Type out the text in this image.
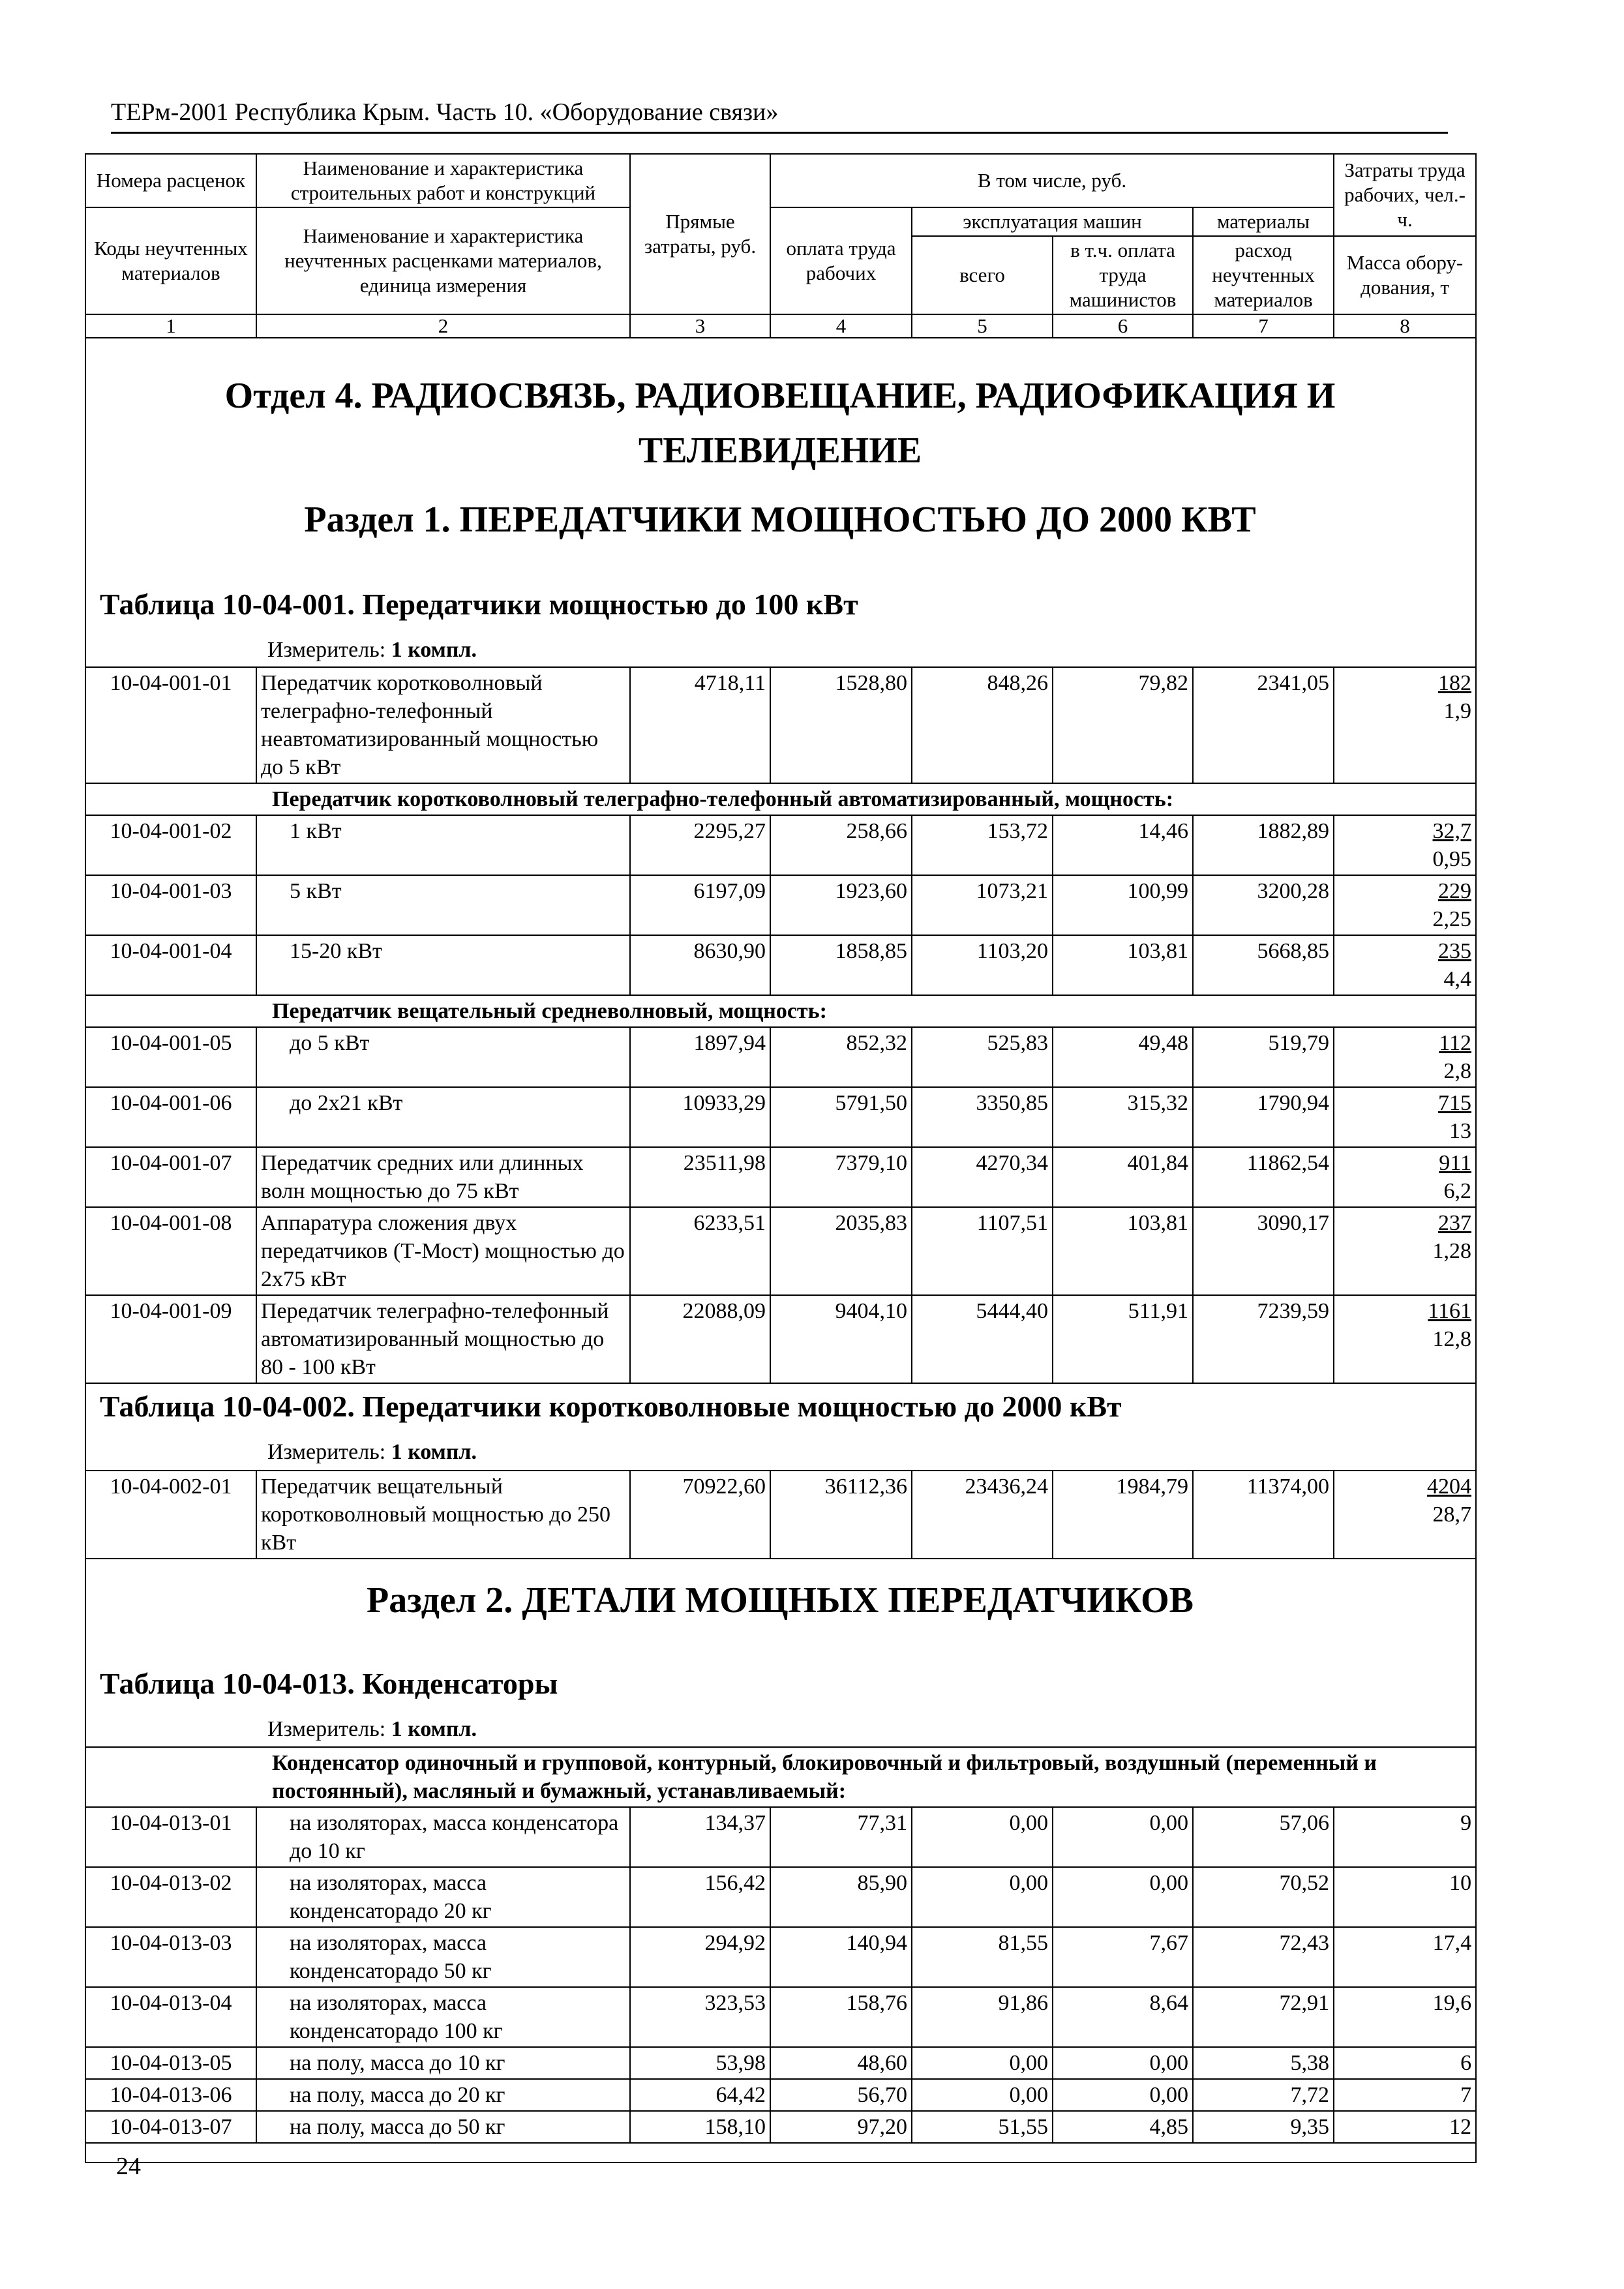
ТЕРм-2001 Республика Крым. Часть 10. «Оборудование связи»
Номера расценок	Наименование и характеристика строительных работ и конструкций	Прямые затраты, руб.	В том числе, руб.				Затраты труда рабочих, чел.-ч.
Коды неучтенных материалов	Наименование и характеристика неучтенных расценками материалов, единица измерения		оплата труда рабочих	эксплуатация машин		материалы	
				всего	в т.ч. оплата труда машинистов	расход неучтенных материалов	Масса обору-дования, т
1	2	3	4	5	6	7	8
Отдел 4. РАДИОСВЯЗЬ, РАДИОВЕЩАНИЕ, РАДИОФИКАЦИЯ И ТЕЛЕВИДЕНИЕ
Раздел 1. ПЕРЕДАТЧИКИ МОЩНОСТЬЮ ДО 2000 КВТ
Таблица 10-04-001. Передатчики мощностью до 100 кВт
Измеритель: 1 компл.
10-04-001-01	Передатчик коротковолновый телеграфно-телефонный неавтоматизированный мощностью до 5 кВт	4718,11	1528,80	848,26	79,82	2341,05	182
1,9

Передатчик коротковолновый телеграфно-телефонный автоматизированный, мощность:							
10-04-001-02	1 кВт	2295,27	258,66	153,72	14,46	1882,89	32,7
0,95

10-04-001-03	5 кВт	6197,09	1923,60	1073,21	100,99	3200,28	229
2,25

10-04-001-04	15-20 кВт	8630,90	1858,85	1103,20	103,81	5668,85	235
4,4

Передатчик вещательный средневолновый, мощность:							
10-04-001-05	до 5 кВт	1897,94	852,32	525,83	49,48	519,79	112
2,8

10-04-001-06	до 2х21 кВт	10933,29	5791,50	3350,85	315,32	1790,94	715
13

10-04-001-07	Передатчик средних или длинных волн мощностью до 75 кВт	23511,98	7379,10	4270,34	401,84	11862,54	911
6,2

10-04-001-08	Аппаратура сложения двух передатчиков (Т-Мост) мощностью до 2х75 кВт	6233,51	2035,83	1107,51	103,81	3090,17	237
1,28

10-04-001-09	Передатчик телеграфно-телефонный автоматизированный мощностью до 80 - 100 кВт	22088,09	9404,10	5444,40	511,91	7239,59	1161
12,8
Таблица 10-04-002. Передатчики коротковолновые мощностью до 2000 кВт
Измеритель: 1 компл.
10-04-002-01	Передатчик вещательный коротковолновый мощностью до 250 кВт	70922,60	36112,36	23436,24	1984,79	11374,00	4204
28,7
Раздел 2. ДЕТАЛИ МОЩНЫХ ПЕРЕДАТЧИКОВ
Таблица 10-04-013. Конденсаторы
Измеритель: 1 компл.
Конденсатор одиночный и групповой, контурный, блокировочный и фильтровый, воздушный (переменный и постоянный), масляный и бумажный, устанавливаемый:							
10-04-013-01	на изоляторах, масса конденсатора до 10 кг	134,37	77,31	0,00	0,00	57,06	9

10-04-013-02	на изоляторах, масса конденсаторадо 20 кг	156,42	85,90	0,00	0,00	70,52	10

10-04-013-03	на изоляторах, масса конденсаторадо 50 кг	294,92	140,94	81,55	7,67	72,43	17,4

10-04-013-04	на изоляторах, масса конденсаторадо 100 кг	323,53	158,76	91,86	8,64	72,91	19,6

10-04-013-05	на полу, масса до 10 кг	53,98	48,60	0,00	0,00	5,38	6

10-04-013-06	на полу, масса до 20 кг	64,42	56,70	0,00	0,00	7,72	7

10-04-013-07	на полу, масса до 50 кг	158,10	97,20	51,55	4,85	9,35	12
24
